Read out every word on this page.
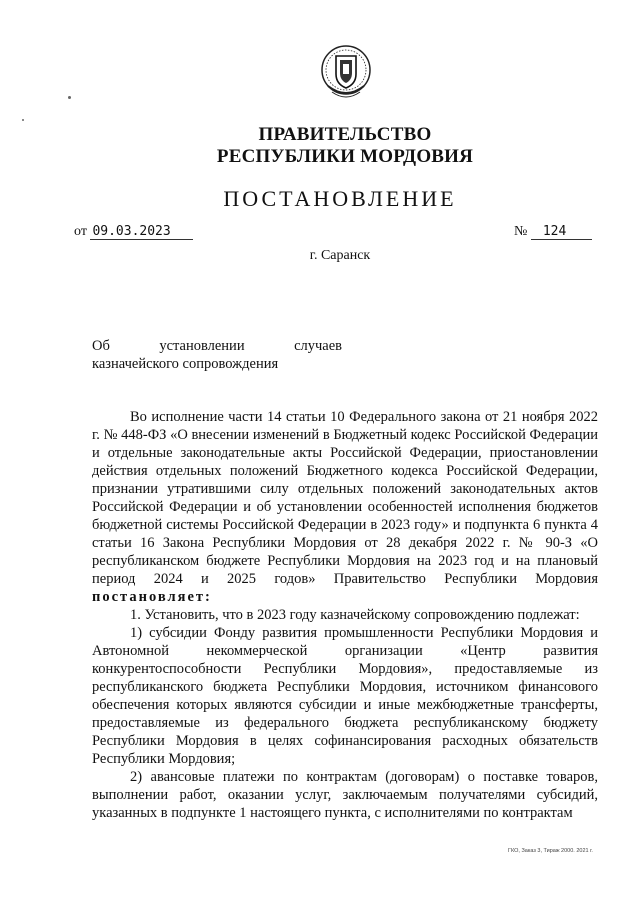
ПРАВИТЕЛЬСТВО
РЕСПУБЛИКИ МОРДОВИЯ
ПОСТАНОВЛЕНИЕ
от 09.03.2023	№ 124
г. Саранск
Об	установлении	случаев
казначейского сопровождения

Во исполнение части 14 статьи 10 Федерального закона от 21 ноября 2022 г. № 448-ФЗ «О внесении изменений в Бюджетный кодекс Российской Федерации и отдельные законодательные акты Российской Федерации, приостановлении действия отдельных положений Бюджетного кодекса Российской Федерации, признании утратившими силу отдельных положений законодательных актов Российской Федерации и об установлении особенностей исполнения бюджетов бюджетной системы Российской Федерации в 2023 году» и подпункта 6 пункта 4 статьи 16 Закона Республики Мордовия от 28 декабря 2022 г. № 90-З «О республиканском бюджете Республики Мордовия на 2023 год и на плановый период 2024 и 2025 годов» Правительство Республики Мордовия постановляет:

1. Установить, что в 2023 году казначейскому сопровождению подлежат:

1) субсидии Фонду развития промышленности Республики Мордовия и Автономной некоммерческой организации «Центр развития конкурентоспособности Республики Мордовия», предоставляемые из республиканского бюджета Республики Мордовия, источником финансового обеспечения которых являются субсидии и иные межбюджетные трансферты, предоставляемые из федерального бюджета республиканскому бюджету Республики Мордовия в целях софинансирования расходных обязательств Республики Мордовия;

2) авансовые платежи по контрактам (договорам) о поставке товаров, выполнении работ, оказании услуг, заключаемым получателями субсидий, указанных в подпункте 1 настоящего пункта, с исполнителями по контрактам

ГКО, Заказ 3, Тираж 2000. 2021 г.
